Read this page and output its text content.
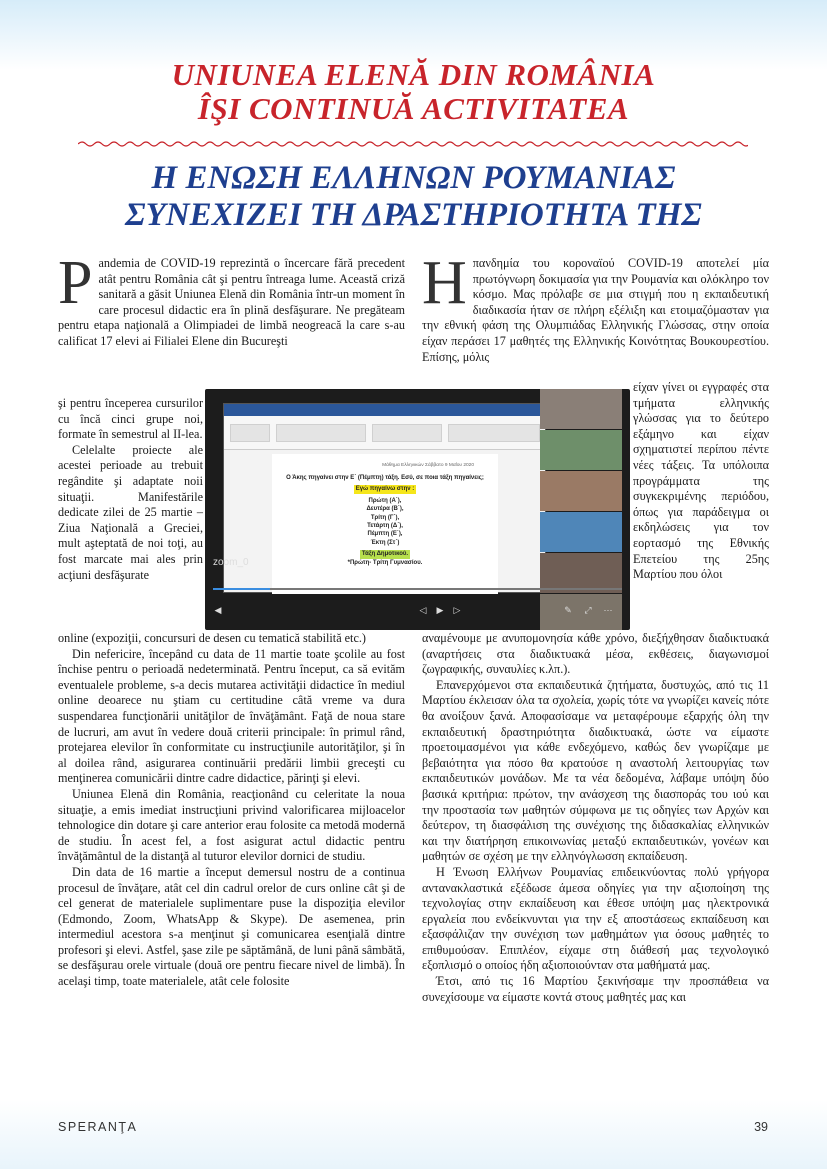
UNIUNEA ELENĂ DIN ROMÂNIA
ÎŞI CONTINUĂ ACTIVITATEA
Η ΕΝΩΣΗ ΕΛΛΗΝΩΝ ΡΟΥΜΑΝΙΑΣ
ΣΥΝΕΧΙΖΕΙ ΤΗ ΔΡΑΣΤΗΡΙΟΤΗΤΑ ΤΗΣ

Pandemia de COVID-19 reprezintă o încercare fără precedent atât pentru România cât şi pentru întreaga lume. Această criză sanitară a găsit Uniunea Elenă din România într-un moment în care procesul didactic era în plină desfăşurare. Ne pregăteam pentru etapa naţională a Olimpiadei de limbă neogreacă la care s-au calificat 17 elevi ai Filialei Elene din Bucureşti

şi pentru începerea cursurilor cu încă cinci grupe noi, formate în semestrul al II-lea.

Celelalte proiecte ale acestei perioade au trebuit regândite şi adaptate noii situaţii. Manifestările dedicate zilei de 25 martie – Ziua Naţională a Greciei, mult aşteptată de noi toţi, au fost marcate mai ales prin acţiuni desfăşurate

online (expoziţii, concursuri de desen cu tematică stabilită etc.)

Din nefericire, începând cu data de 11 martie toate şcolile au fost închise pentru o perioadă nedeterminată. Pentru început, ca să evităm eventualele probleme, s-a decis mutarea activităţii didactice în mediul online deoarece nu ştiam cu certitudine câtă vreme va dura suspendarea funcţionării unităţilor de învăţământ. Faţă de noua stare de lucruri, am avut în vedere două criterii principale: în primul rând, protejarea elevilor în conformitate cu instrucţiunile autorităţilor, şi în al doilea rând, asigurarea continuării predării limbii greceşti cu menţinerea comunicării dintre cadre didactice, părinţi şi elevi.

Uniunea Elenă din România, reacţionând cu celeritate la noua situaţie, a emis imediat instrucţiuni privind valorificarea mijloacelor tehnologice din dotare şi care anterior erau folosite ca metodă modernă de studiu. În acest fel, a fost asigurat actul didactic pentru învăţământul de la distanţă al tuturor elevilor dornici de studiu.

Din data de 16 martie a început demersul nostru de a continua procesul de învăţare, atât cel din cadrul orelor de curs online cât şi de cel generat de materialele suplimentare puse la dispoziţia elevilor (Edmondo, Zoom, WhatsApp & Skype). De asemenea, prin intermediul acestora s-a menţinut şi comunicarea esenţială dintre profesori şi elevi. Astfel, şase zile pe săptămână, de luni până sâmbătă, se desfăşurau orele virtuale (două ore pentru fiecare nivel de limbă). În acelaşi timp, toate materialele, atât cele folosite

Ηπανδημία του κοροναϊού COVID-19 αποτελεί μία πρωτόγνωρη δοκιμασία για την Ρουμανία και ολόκληρο τον κόσμο. Μας πρόλαβε σε μια στιγμή που η εκπαιδευτική διαδικασία ήταν σε πλήρη εξέλιξη και ετοιμαζόμασταν για την εθνική φάση της Ολυμπιάδας Ελληνικής Γλώσσας, στην οποία είχαν περάσει 17 μαθητές της Ελληνικής Κοινότητας Βουκουρεστίου. Επίσης, μόλις

είχαν γίνει οι εγγραφές στα τμήματα ελληνικής γλώσσας για το δεύτερο εξάμηνο και είχαν σχηματιστεί περίπου πέντε νέες τάξεις. Τα υπόλοιπα προγράμματα της συγκεκριμένης περιόδου, όπως για παράδειγμα οι εκδηλώσεις για τον εορτασμό της Εθνικής Επετείου της 25ης Μαρτίου που όλοι

αναμένουμε με ανυπομονησία κάθε χρόνο, διεξήχθησαν διαδικτυακά (αναρτήσεις στα διαδικτυακά μέσα, εκθέσεις, διαγωνισμοί ζωγραφικής, συναυλίες κ.λπ.).

Επανερχόμενοι στα εκπαιδευτικά ζητήματα, δυστυχώς, από τις 11 Μαρτίου έκλεισαν όλα τα σχολεία, χωρίς τότε να γνωρίζει κανείς πότε θα ανοίξουν ξανά. Αποφασίσαμε να μεταφέρουμε εξαρχής όλη την εκπαιδευτική δραστηριότητα διαδικτυακά, ώστε να είμαστε προετοιμασμένοι για κάθε ενδεχόμενο, καθώς δεν γνωρίζαμε με βεβαιότητα για πόσο θα κρατούσε η αναστολή λειτουργίας των εκπαιδευτικών μονάδων. Με τα νέα δεδομένα, λάβαμε υπόψη δύο βασικά κριτήρια: πρώτον, την ανάσχεση της διασποράς του ιού και την προστασία των μαθητών σύμφωνα με τις οδηγίες των Αρχών και δεύτερον, τη διασφάλιση της συνέχισης της διδασκαλίας ελληνικών και την διατήρηση επικοινωνίας μεταξύ εκπαιδευτικών, γονέων και μαθητών σε σχέση με την ελληνόγλωσση εκπαίδευση.

Η Ένωση Ελλήνων Ρουμανίας επιδεικνύοντας πολύ γρήγορα αντανακλαστικά εξέδωσε άμεσα οδηγίες για την αξιοποίηση της τεχνολογίας στην εκπαίδευση και έθεσε υπόψη μας ηλεκτρονικά εργαλεία που ενδείκνυνται για την εξ αποστάσεως εκπαίδευση και εξασφάλιζαν την συνέχιση των μαθημάτων για όσους μαθητές το επιθυμούσαν. Επιπλέον, είχαμε στη διάθεσή μας τεχνολογικό εξοπλισμό ο οποίος ήδη αξιοποιούνταν στα μαθήματά μας.

Έτσι, από τις 16 Μαρτίου ξεκινήσαμε την προσπάθεια να συνεχίσουμε να είμαστε κοντά στους μαθητές μας και

Μάθημα Ελληνικών Σάββατο 9 Μαΐου 2020
Ο Άκης πηγαίνει στην Ε΄ (Πέμπτη) τάξη. Εσύ, σε ποια τάξη πηγαίνεις;
Εγώ πηγαίνω στην :
Πρώτη (Α΄),
Δευτέρα (Β΄),
Τρίτη (Γ΄),
Τετάρτη (Δ΄),
Πέμπτη (Ε΄),
Έκτη (Στ΄)
Τάξη Δημοτικού.
*Πρώτη- Τρίτη Γυμνασίου.
zoom_0
◀	◁ ▶ ▷	✎ ⤢ ⋯
SPERANŢA	39
